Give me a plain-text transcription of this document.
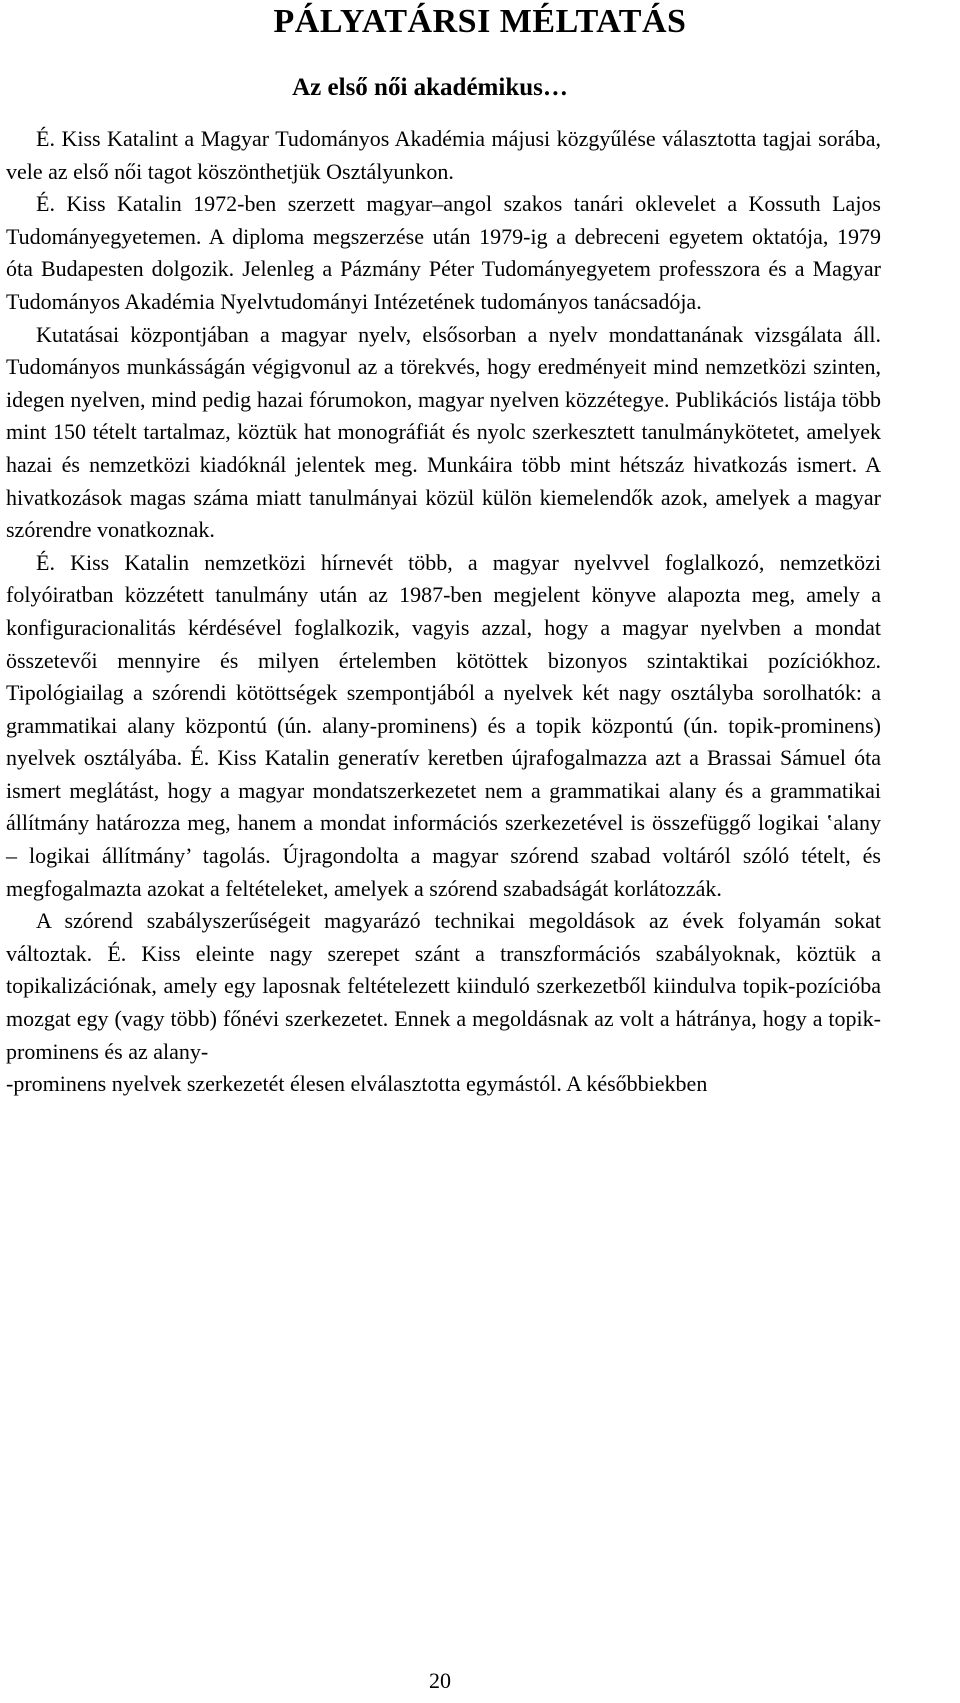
PÁLYATÁRSI MÉLTATÁS
Az első női akadémikus…

É. Kiss Katalint a Magyar Tudományos Akadémia májusi közgyűlése választotta tagjai sorába, vele az első női tagot köszönthetjük Osztályunkon.

É. Kiss Katalin 1972-ben szerzett magyar–angol szakos tanári oklevelet a Kossuth Lajos Tudományegyetemen. A diploma megszerzése után 1979-ig a debreceni egyetem oktatója, 1979 óta Budapesten dolgozik. Jelenleg a Pázmány Péter Tudományegyetem professzora és a Magyar Tudományos Akadémia Nyelvtudományi Intézetének tudományos tanácsadója.

Kutatásai központjában a magyar nyelv, elsősorban a nyelv mondattanának vizsgálata áll. Tudományos munkásságán végigvonul az a törekvés, hogy eredményeit mind nemzetközi szinten, idegen nyelven, mind pedig hazai fórumokon, magyar nyelven közzétegye. Publikációs listája több mint 150 tételt tartalmaz, köztük hat monográfiát és nyolc szerkesztett tanulmánykötetet, amelyek hazai és nemzetközi kiadóknál jelentek meg. Munkáira több mint hétszáz hivatkozás ismert. A hivatkozások magas száma miatt tanulmányai közül külön kiemelendők azok, amelyek a magyar szórendre vonatkoznak.

É. Kiss Katalin nemzetközi hírnevét több, a magyar nyelvvel foglalkozó, nemzetközi folyóiratban közzétett tanulmány után az 1987-ben megjelent könyve alapozta meg, amely a konfiguracionalitás kérdésével foglalkozik, vagyis azzal, hogy a magyar nyelvben a mondat összetevői mennyire és milyen értelemben kötöttek bizonyos szintaktikai pozíciókhoz. Tipológiailag a szórendi kötöttségek szempontjából a nyelvek két nagy osztályba sorolhatók: a grammatikai alany központú (ún. alany-prominens) és a topik központú (ún. topik-prominens) nyelvek osztályába. É. Kiss Katalin generatív keretben újrafogalmazza azt a Brassai Sámuel óta ismert meglátást, hogy a magyar mondatszerkezetet nem a grammatikai alany és a grammatikai állítmány határozza meg, hanem a mondat információs szerkezetével is összefüggő logikai ʽalany – logikai állítmány’ tagolás. Újragondolta a magyar szórend szabad voltáról szóló tételt, és megfogalmazta azokat a feltételeket, amelyek a szórend szabadságát korlátozzák.

A szórend szabályszerűségeit magyarázó technikai megoldások az évek folyamán sokat változtak. É. Kiss eleinte nagy szerepet szánt a transzformációs szabályoknak, köztük a topikalizációnak, amely egy laposnak feltételezett kiinduló szerkezetből kiindulva topik-pozícióba mozgat egy (vagy több) főnévi szerkezetet. Ennek a megoldásnak az volt a hátránya, hogy a topik-prominens és az alany-

-prominens nyelvek szerkezetét élesen elválasztotta egymástól. A későbbiekben

20
